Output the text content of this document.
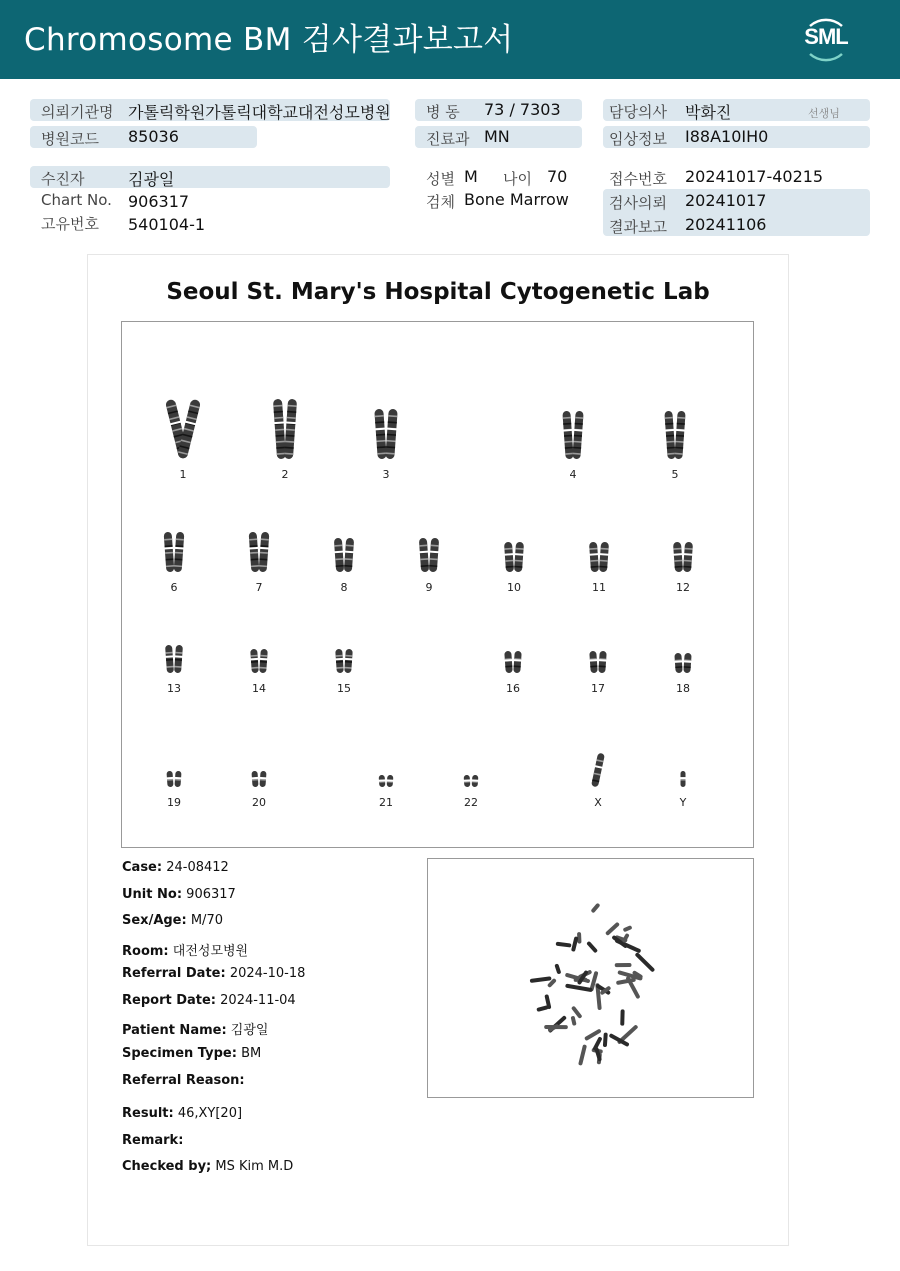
Chromosome BM 검사결과보고서	SML
의뢰기관명 가톨릭학원가톨릭대학교대전성모병원
병원코드 85036
병 동 73 / 7303
진료과 MN
담당의사 박화진	선생님
임상정보 I88A10IH0
수진자	김광일
Chart No. 906317
고유번호 540104-1
성별 M 나이 70
검체 Bone Marrow
접수번호 20241017-40215
검사의뢰 20241017
결과보고 20241106
Seoul St. Mary's Hospital Cytogenetic Lab
1	2	3	4	5
6	7	8	9	10	11	12
13	14	15	16	17	18
19	20	21	22	X	Y
Case: 24-08412
Unit No: 906317
Sex/Age: M/70
Room: 대전성모병원
Referral Date: 2024-10-18
Report Date: 2024-11-04
Patient Name: 김광일
Specimen Type: BM
Referral Reason:
Result: 46,XY[20]
Remark:
Checked by; MS Kim M.D
